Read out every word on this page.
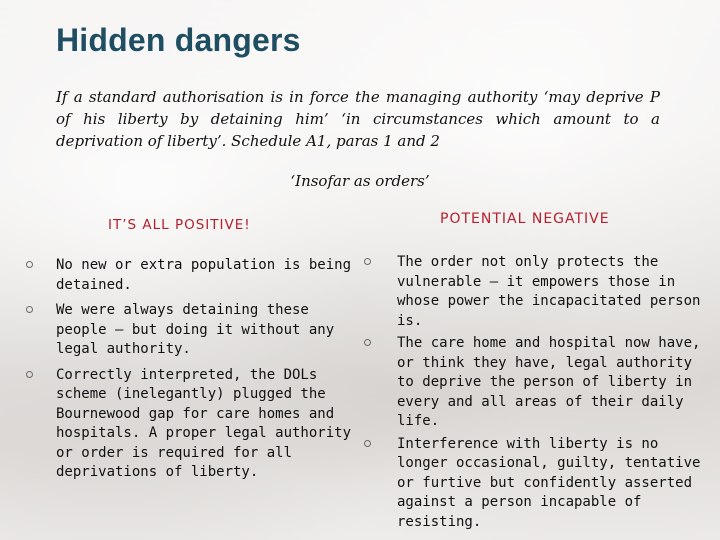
Hidden dangers

If a standard authorisation is in force the managing authority ‘may deprive P of his liberty by detaining him’ ‘in circumstances which amount to a deprivation of liberty’. Schedule A1, paras 1 and 2

‘Insofar as orders’
IT’S ALL POSITIVE!	POTENTIAL NEGATIVE
No new or extra population is being detained.
We were always detaining these people — but doing it without any legal authority.
Correctly interpreted, the DOLs scheme (inelegantly) plugged the Bournewood gap for care homes and hospitals. A proper legal authority or order is required for all deprivations of liberty.
The order not only protects the vulnerable — it empowers those in whose power the incapacitated person is.
The care home and hospital now have, or think they have, legal authority to deprive the person of liberty in every and all areas of their daily life.
Interference with liberty is no longer occasional, guilty, tentative or furtive but confidently asserted against a person incapable of resisting.
